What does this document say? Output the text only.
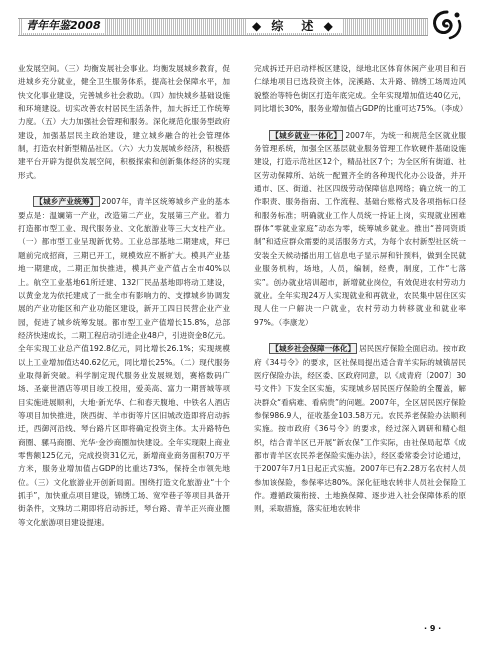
青年年鉴2008	◆ 综　述 ◆

业发展空间。（三）均衡发展社会事业。均衡发展城乡教育，促进城乡充分就业，健全卫生服务体系，提高社会保障水平，加快文化事业建设，完善城乡社会救助。（四）加快城乡基础设施和环境建设。切实改善农村居民生活条件，加大拆迁工作统筹力度。（五）大力加强社会管理和服务。深化规范化服务型政府建设，加强基层民主政治建设，建立城乡融合的社会管理体制，打造农村新型精品社区。（六）大力发展城乡经济，积极搭建平台开辟为提供发展空间，积极探索和创新集体经济的实现形式。

【城乡产业统筹】 2007年，青羊区统筹城乡产业的基本要点是：温斓第一产业，改造第二产业，发展第三产业。着力打造都市型工业、现代服务业、文化旅游业等三大支柱产业。（一）都市型工业呈现新优势。工业总部基地二期建成，拜已题前完成招商，三期已开工，规模效应不断扩大。模具产业基地一期建成，二期正加快推进，模具产业产值占全市40%以上。航空工业基地61所迁建、132厂民品基地即将动工建设，以黄金龙为依托建成了一批全市有影响力的、支撑城乡协调发展的产业功能区和产业功能区建设，新开工四日民营企业产业园，促进了城乡统筹发展。都市型工业产值增长15.8%，总部经济快速成长，二期工程启动引进企业48户，引进资金8亿元。全年实现工业总产值192.8亿元，同比增长26.1%；实现规模以上工业增加值达40.62亿元，同比增长25%。（二）现代服务业取得新突破。科学制定现代服务业发展规划，赛格数码广场、圣豪世酒店等项目竣工投用，爱美高、富力一期晋城等项目实施进展顺利，大地·新光华、仁和春天腹地、中铁名人酒店等项目加快推进，陕西街、羊市街等片区旧城改造即将启动拆迁，西御河沿线、琴台路片区即将确定投资主体。太升路特色商圈、骡马商圈、光华·金沙商圈加快建设。全年实现限上商业零售额125亿元，完成投资31亿元，新增商业商务面积70万平方米，服务业增加值占GDP的比重达73%，保持全市领先地位。（三）文化旅游业开创新局面。围绕打造文化旅游业“十个抓手”，加快重点项目建设，锦绣工场、宽窄巷子等项目具备开街条件，文殊坊二期即将启动拆迁，琴台路、青羊正兴商业圈等文化旅游项目建设提速。

完成拆迁开启动样板区建设，绿地北区体育休闲产业项目和百仁绿地项目已选段资主体，浣溪路、太升路、锦绣工场周边风貌整治等特色街区打造年底完成。全年实现增加值达40亿元，同比增长30%，服务业增加值占GDP的比重可达75%。（李成）

【城乡就业一体化】 2007年，为统一和规范全区就业服务管理系统，加强全区基层就业服务管理工作软硬件基础设施建设，打造示范社区12个，精品社区7个；为全区所有街道、社区劳动保障所、站统一配置齐全的各种现代化办公设备，并开通市、区、街道、社区四级劳动保障信息网络；确立统一的工作职责、服务指南、工作流程、基础台账格式及各项指标口径和服务标准；明确就业工作人员统一持证上岗，实现就业困难群体“零就业家庭”动态为零，统筹城乡就业。推出“普同资质制”和适应群众需要的灵活服务方式，为每个农村新型社区统一安装全天候动播出用工信息电子显示屏和针预料，做到全民就业服务机构，场地，人员，编制，经费，制度，工作“七落实”。创办就业培训超市，新增就业岗位，有效促进农村劳动力就业。全年实现24万人实现就业和再就业，农民集中居住区实现人住一户解决一户就业，农村劳动力转移就业和就业率97%。（李康龙）

【城乡社会保障一体化】 居民医疗保险全面启动。按市政府《34号令》的要求，区社保局提出适合青羊实际的城镇居民医疗保险办法，经区委、区政府同意，以《成青府〔2007〕30号文件》下发全区实施，实现城乡居民医疗保险的全覆盖，解决群众“看病难、看病贵”的问题。2007年，全区居民医疗保险参保986.9人，征收基金103.58万元。农民养老保险办法顺利实施。按市政府《36号令》的要求，经过深入调研和精心组织，结合青羊区已开展“新农保”工作实际，由社保局起草《成都市青羊区农民养老保险实施办法》，经区委常委会讨论通过，于2007年7月1日起正式实施。2007年已有2.28万名农村人员参加该保险，参保率达80%。深化征地农转非人员社会保险工作。遵循政策衔接、土地换保障、逐步进入社会保障体系的原则，采取措施，落实征地农转非

· 9 ·
